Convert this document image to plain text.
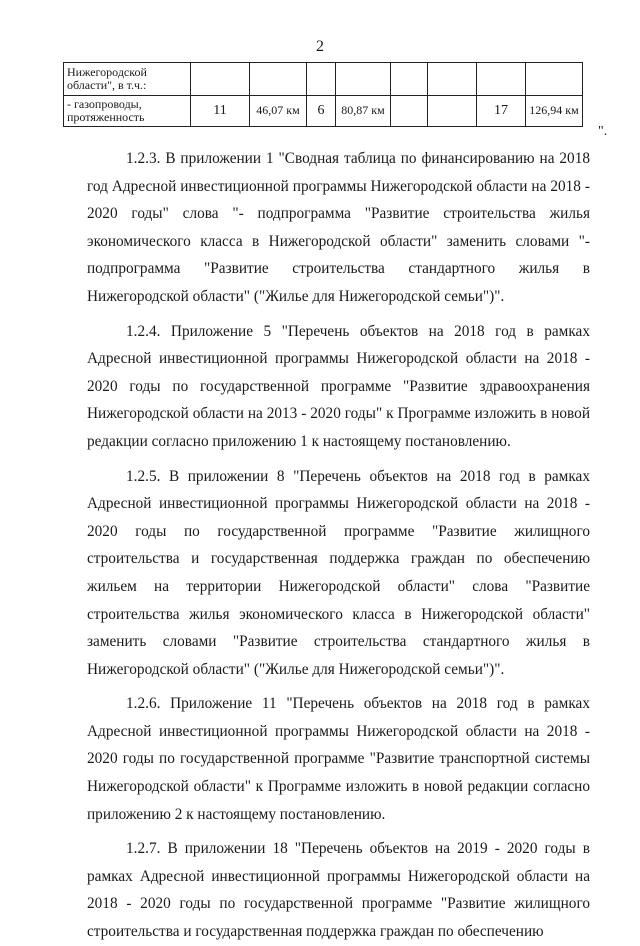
2
Нижегородской области", в т.ч.:								
- газопроводы, протяженность	11	46,07 км	6	80,87 км			17	126,94 км
".

1.2.3. В приложении 1 "Сводная таблица по финансированию на 2018 год Адресной инвестиционной программы Нижегородской области на 2018 - 2020 годы" слова "- подпрограмма "Развитие строительства жилья экономического класса в Нижегородской области" заменить словами "- подпрограмма "Развитие строительства стандартного жилья в Нижегородской области" ("Жилье для Нижегородской семьи")".

1.2.4. Приложение 5 "Перечень объектов на 2018 год в рамках Адресной инвестиционной программы Нижегородской области на 2018 - 2020 годы по государственной программе "Развитие здравоохранения Нижегородской области на 2013 - 2020 годы" к Программе изложить в новой редакции согласно приложению 1 к настоящему постановлению.

1.2.5. В приложении 8 "Перечень объектов на 2018 год в рамках Адресной инвестиционной программы Нижегородской области на 2018 - 2020 годы по государственной программе "Развитие жилищного строительства и государственная поддержка граждан по обеспечению жильем на территории Нижегородской области" слова "Развитие строительства жилья экономического класса в Нижегородской области" заменить словами "Развитие строительства стандартного жилья в Нижегородской области" ("Жилье для Нижегородской семьи")".

1.2.6. Приложение 11 "Перечень объектов на 2018 год в рамках Адресной инвестиционной программы Нижегородской области на 2018 - 2020 годы по государственной программе "Развитие транспортной системы Нижегородской области" к Программе изложить в новой редакции согласно приложению 2 к настоящему постановлению.

1.2.7. В приложении 18 "Перечень объектов на 2019 - 2020 годы в рамках Адресной инвестиционной программы Нижегородской области на 2018 - 2020 годы по государственной программе "Развитие жилищного строительства и государственная поддержка граждан по обеспечению
